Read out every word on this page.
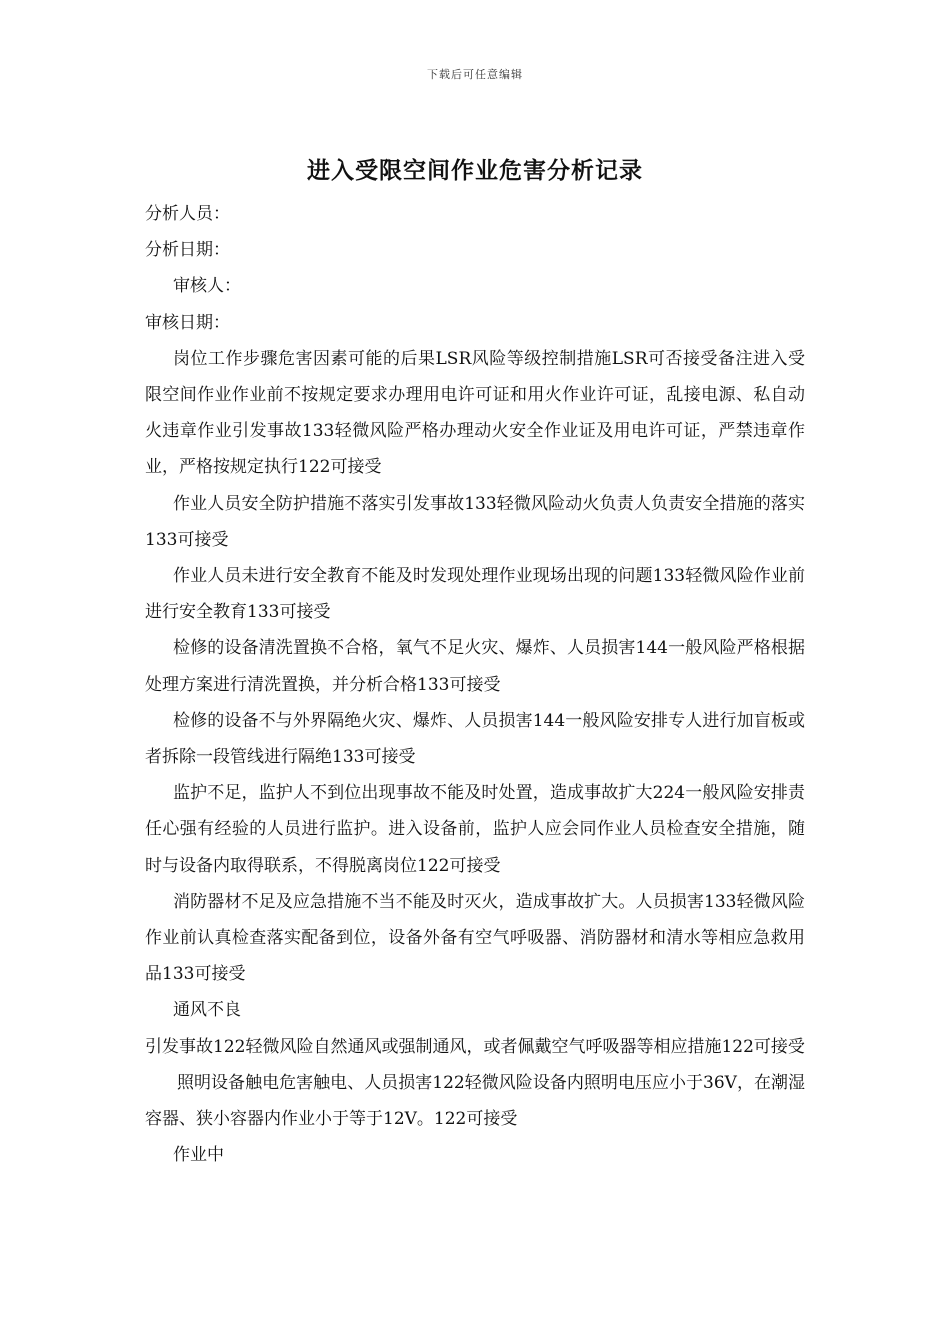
下载后可任意编辑
进入受限空间作业危害分析记录

分析人员：

分析日期：

审核人：

审核日期：

岗位工作步骤危害因素可能的后果LSR风险等级控制措施LSR可否接受备注进入受限空间作业作业前不按规定要求办理用电许可证和用火作业许可证，乱接电源、私自动火违章作业引发事故133轻微风险严格办理动火安全作业证及用电许可证，严禁违章作业，严格按规定执行122可接受

作业人员安全防护措施不落实引发事故133轻微风险动火负责人负责安全措施的落实133可接受

作业人员未进行安全教育不能及时发现处理作业现场出现的问题133轻微风险作业前进行安全教育133可接受

检修的设备清洗置换不合格，氧气不足火灾、爆炸、人员损害144一般风险严格根据处理方案进行清洗置换，并分析合格133可接受

检修的设备不与外界隔绝火灾、爆炸、人员损害144一般风险安排专人进行加盲板或者拆除一段管线进行隔绝133可接受

监护不足，监护人不到位出现事故不能及时处置，造成事故扩大224一般风险安排责任心强有经验的人员进行监护。进入设备前，监护人应会同作业人员检查安全措施，随时与设备内取得联系，不得脱离岗位122可接受

消防器材不足及应急措施不当不能及时灭火，造成事故扩大。人员损害133轻微风险作业前认真检查落实配备到位，设备外备有空气呼吸器、消防器材和清水等相应急救用品133可接受

通风不良

引发事故122轻微风险自然通风或强制通风，或者佩戴空气呼吸器等相应措施122可接受

照明设备触电危害触电、人员损害122轻微风险设备内照明电压应小于36V，在潮湿容器、狭小容器内作业小于等于12V。122可接受

作业中
